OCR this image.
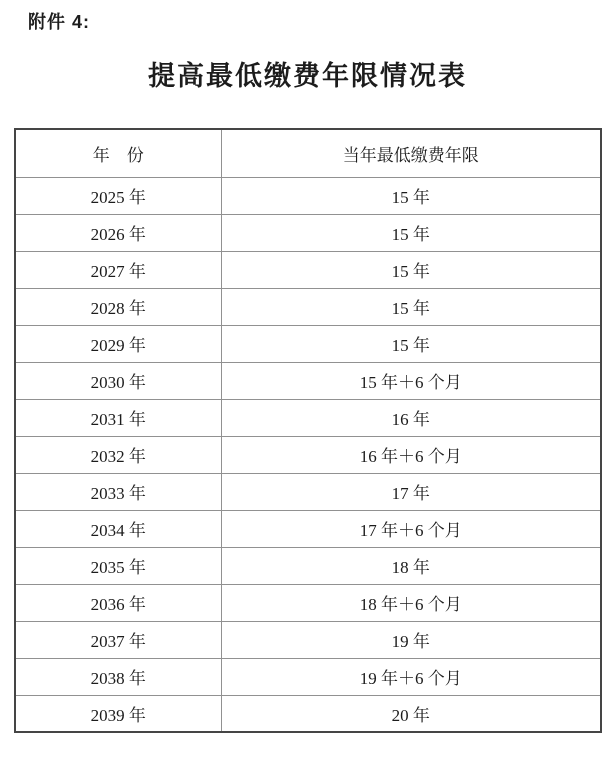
附件 4:
提高最低缴费年限情况表
年　份	当年最低缴费年限
2025 年	15 年
2026 年	15 年
2027 年	15 年
2028 年	15 年
2029 年	15 年
2030 年	15 年＋6 个月
2031 年	16 年
2032 年	16 年＋6 个月
2033 年	17 年
2034 年	17 年＋6 个月
2035 年	18 年
2036 年	18 年＋6 个月
2037 年	19 年
2038 年	19 年＋6 个月
2039 年	20 年
